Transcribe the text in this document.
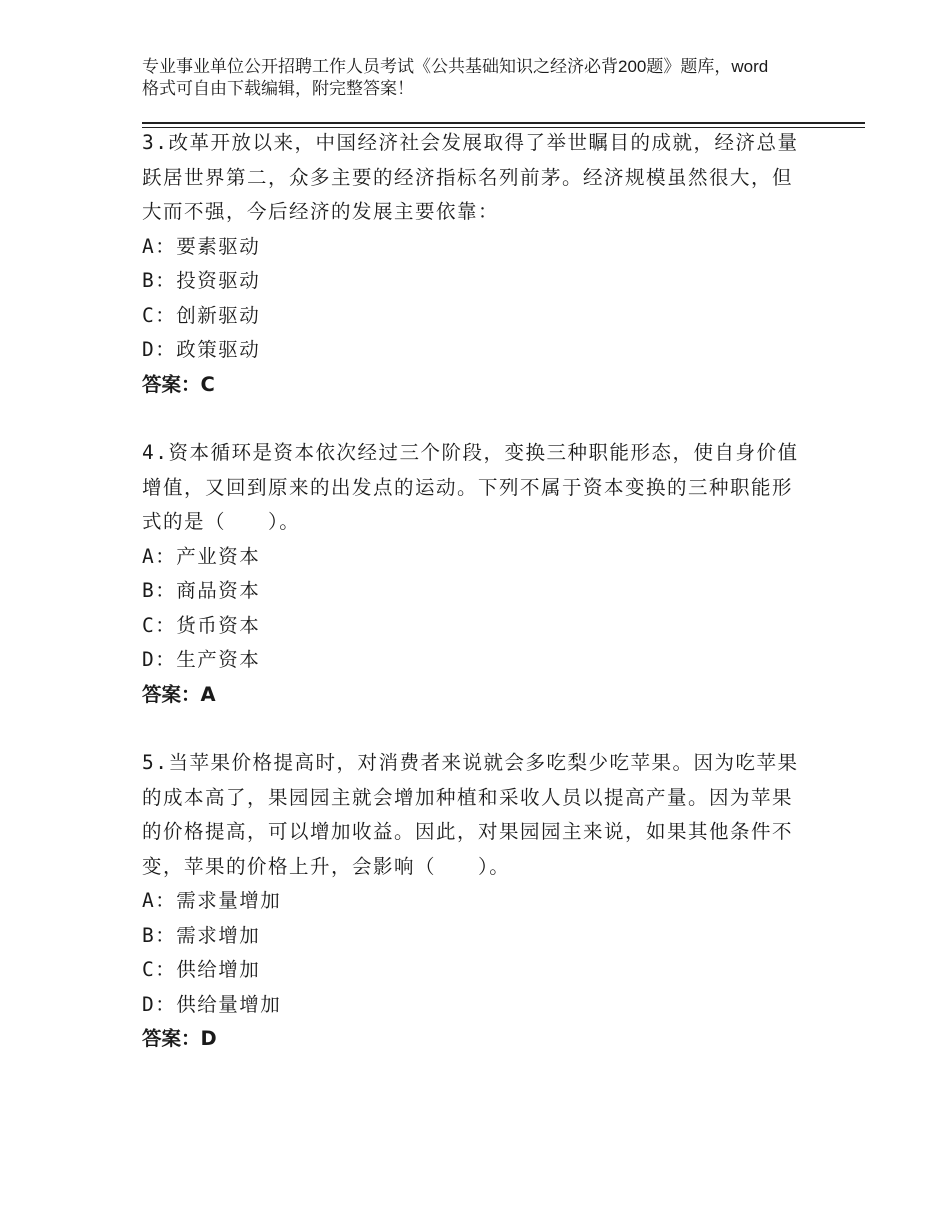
专业事业单位公开招聘工作人员考试《公共基础知识之经济必背200题》题库，word格式可自由下载编辑，附完整答案！

3.改革开放以来，中国经济社会发展取得了举世瞩目的成就，经济总量跃居世界第二，众多主要的经济指标名列前茅。经济规模虽然很大，但大而不强，今后经济的发展主要依靠：

A：要素驱动
B：投资驱动
C：创新驱动
D：政策驱动
答案：C

4.资本循环是资本依次经过三个阶段，变换三种职能形态，使自身价值增值，又回到原来的出发点的运动。下列不属于资本变换的三种职能形式的是（　　）。

A：产业资本
B：商品资本
C：货币资本
D：生产资本
答案：A

5.当苹果价格提高时，对消费者来说就会多吃梨少吃苹果。因为吃苹果的成本高了，果园园主就会增加种植和采收人员以提高产量。因为苹果的价格提高，可以增加收益。因此，对果园园主来说，如果其他条件不变，苹果的价格上升，会影响（　　）。

A：需求量增加
B：需求增加
C：供给增加
D：供给量增加
答案：D
